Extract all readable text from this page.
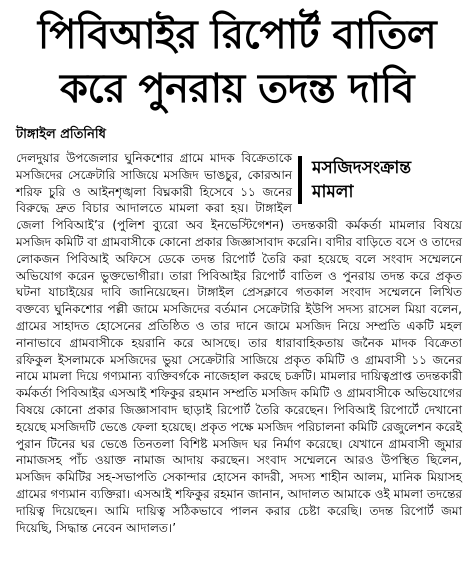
পিবিআইর রিপোর্ট বাতিল
করে পুনরায় তদন্ত দাবি
টাঙ্গাইল প্রতিনিধি
মসজিদসংক্রান্ত
মামলা

দেলদুয়ার উপজেলার ঘুনিকশোর গ্রামে মাদক বিক্রেতাকে মসজিদের সেক্রেটারি সাজিয়ে মসজিদ ভাঙচুর, কোরআন শরিফ চুরি ও আইনশৃঙ্খলা বিঘ্নকারী হিসেবে ১১ জনের বিরুদ্ধে দ্রুত বিচার আদালতে মামলা করা হয়। টাঙ্গাইল জেলা পিবিআই’র (পুলিশ ব্যুরো অব ইনভেস্টিগেশন) তদন্তকারী কর্মকর্তা মামলার বিষয়ে মসজিদ কমিটি বা গ্রামবাসীকে কোনো প্রকার জিজ্ঞাসাবাদ করেনি। বাদীর বাড়িতে বসে ও তাদের লোকজন পিবিআই অফিসে ডেকে তদন্ত রিপোর্ট তৈরি করা হয়েছে বলে সংবাদ সম্মেলনে অভিযোগ করেন ভুক্তভোগীরা। তারা পিবিআইর রিপোর্ট বাতিল ও পুনরায় তদন্ত করে প্রকৃত ঘটনা যাচাইয়ের দাবি জানিয়েছেন। টাঙ্গাইল প্রেসক্লাবে গতকাল সংবাদ সম্মেলনে লিখিত বক্তব্যে ঘুনিকশোর পল্লী জামে মসজিদের বর্তমান সেক্রেটারি ইউপি সদস্য রাসেল মিয়া বলেন, গ্রামের সাহাদত হোসেনের প্রতিষ্ঠিত ও তার দানে জামে মসজিদ নিয়ে সম্প্রতি একটি মহল নানাভাবে গ্রামবাসীকে হয়রানি করে আসছে। তার ধারাবাহিকতায় জনৈক মাদক বিক্রেতা রফিকুল ইসলামকে মসজিদের ভুয়া সেক্রেটারি সাজিয়ে প্রকৃত কমিটি ও গ্রামবাসী ১১ জনের নামে মামলা দিয়ে গণ্যমান্য ব্যক্তিবর্গকে নাজেহাল করছে চক্রটি। মামলার দায়িত্বপ্রাপ্ত তদন্তকারী কর্মকর্তা পিবিআইর এসআই শফিকুর রহমান সম্প্রতি মসজিদ কমিটি ও গ্রামবাসীকে অভিযোগের বিষয়ে কোনো প্রকার জিজ্ঞাসাবাদ ছাড়াই রিপোর্ট তৈরি করেছেন। পিবিআই রিপোর্টে দেখানো হয়েছে মসজিদটি ভেঙে ফেলা হয়েছে। প্রকৃত পক্ষে মসজিদ পরিচালনা কমিটি রেজুলেশন করেই পুরান টিনের ঘর ভেঙে তিনতলা বিশিষ্ট মসজিদ ঘর নির্মাণ করেছে। যেখানে গ্রামবাসী জুমার নামাজসহ পাঁচ ওয়াক্ত নামাজ আদায় করছেন। সংবাদ সম্মেলনে আরও উপস্থিত ছিলেন, মসজিদ কমিটির সহ-সভাপতি সেকান্দার হোসেন কাদরী, সদস্য শাহীন আলম, মানিক মিয়াসহ গ্রামের গণ্যমান ব্যক্তিরা। এসআই শফিকুর রহমান জানান, আদালত আমাকে ওই মামলা তদন্তের দায়িত্ব দিয়েছেন। আমি দায়িত্ব সঠিকভাবে পালন করার চেষ্টা করেছি। তদন্ত রিপোর্ট জমা দিয়েছি, সিদ্ধান্ত নেবেন আদালত।’
